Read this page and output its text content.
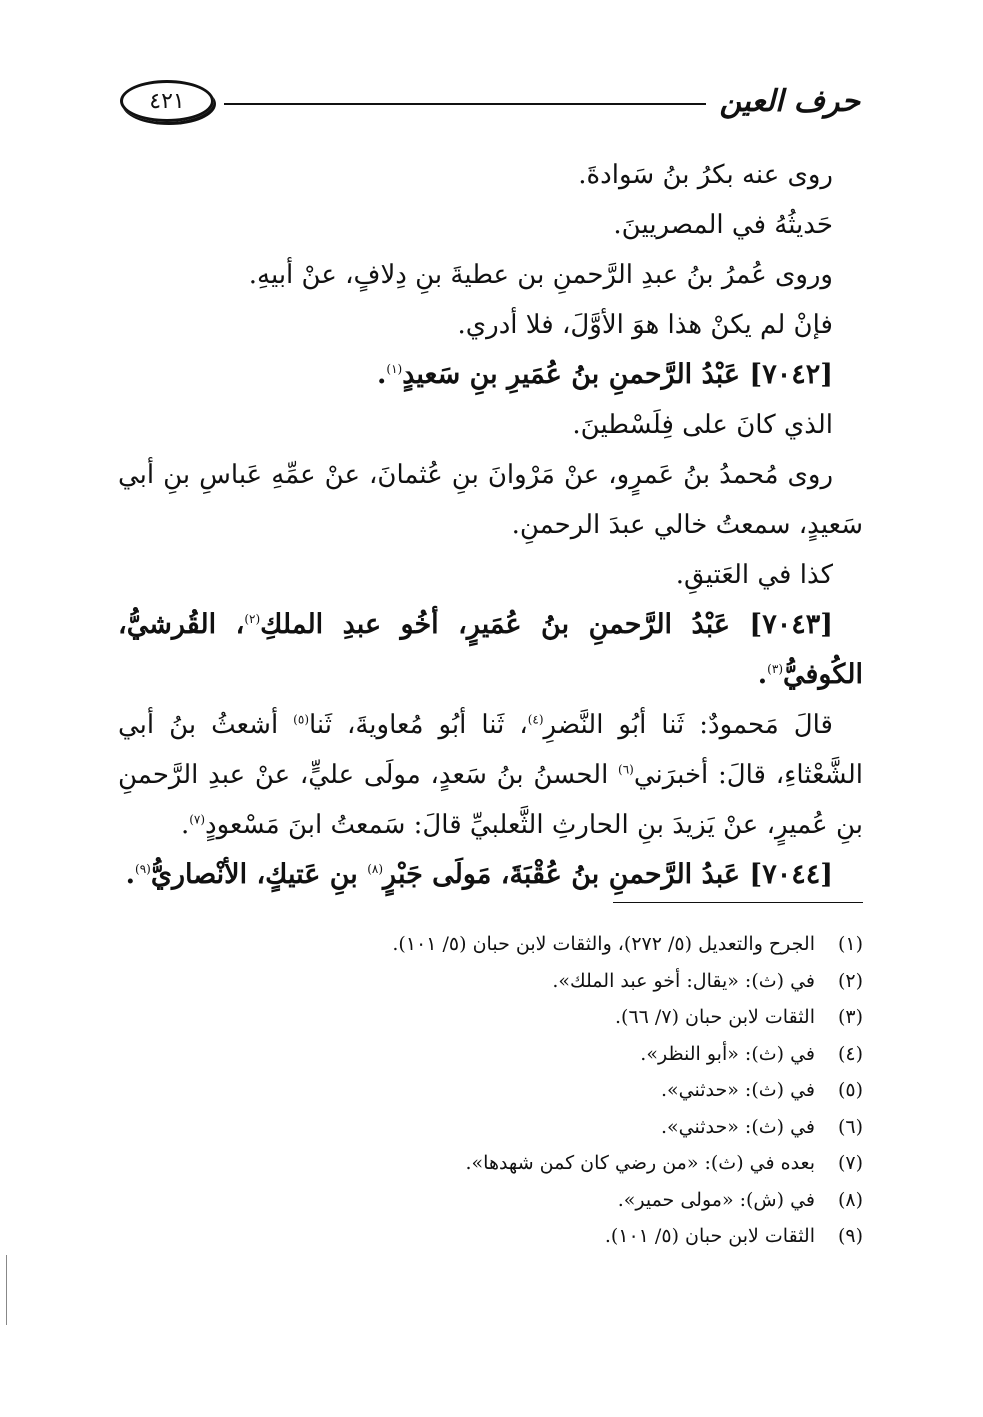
حرف العين
٤٢١

روى عنه بكرُ بنُ سَوادةَ.

حَديثُهُ في المصريينَ.

وروى عُمرُ بنُ عبدِ الرَّحمنِ بن عطيةَ بنِ دِلافٍ، عنْ أبيهِ.

فإنْ لم يكنْ هذا هوَ الأوَّلَ، فلا أدري.

[٧٠٤٢] عَبْدُ الرَّحمنِ بنُ عُمَيرِ بنِ سَعيدٍ$^{(١)}$.

الذي كانَ على فِلَسْطينَ.

روى مُحمدُ بنُ عَمرٍو، عنْ مَرْوانَ بنِ عُثمانَ، عنْ عمِّهِ عَباسِ بنِ أبي سَعيدٍ، سمعتُ خالي عبدَ الرحمنِ.

كذا في العَتيقِ.

[٧٠٤٣] عَبْدُ الرَّحمنِ بنُ عُمَيرٍ، أخُو عبدِ الملكِ$^{(٢)}$، القُرشيُّ، الكُوفيُّ$^{(٣)}$.

قالَ مَحمودٌ: ثَنا أبُو النَّضرِ$^{(٤)}$، ثَنا أبُو مُعاويةَ، ثَنا$^{(٥)}$ أشعثُ بنُ أبي الشَّعْثاءِ، قالَ: أخبرَني$^{(٦)}$ الحسنُ بنُ سَعدٍ، مولَى عليٍّ، عنْ عبدِ الرَّحمنِ بنِ عُميرٍ، عنْ يَزيدَ بنِ الحارثِ الثَّعلبيِّ قالَ: سَمعتُ ابنَ مَسْعودٍ$^{(٧)}$.

[٧٠٤٤] عَبدُ الرَّحمنِ بنُ عُقْبَةَ، مَولَى جَبْرٍ$^{(٨)}$ بنِ عَتيكٍ، الأنْصاريُّ$^{(٩)}$.

(١)
الجرح والتعديل (٥/ ٢٧٢)، والثقات لابن حبان (٥/ ١٠١).
(٢)
في (ث): «يقال: أخو عبد الملك».
(٣)
الثقات لابن حبان (٧/ ٦٦).
(٤)
في (ث): «أبو النظر».
(٥)
في (ث): «حدثني».
(٦)
في (ث): «حدثني».
(٧)
بعده في (ث): «من رضي كان كمن شهدها».
(٨)
في (ش): «مولى حمير».
(٩)
الثقات لابن حبان (٥/ ١٠١).
